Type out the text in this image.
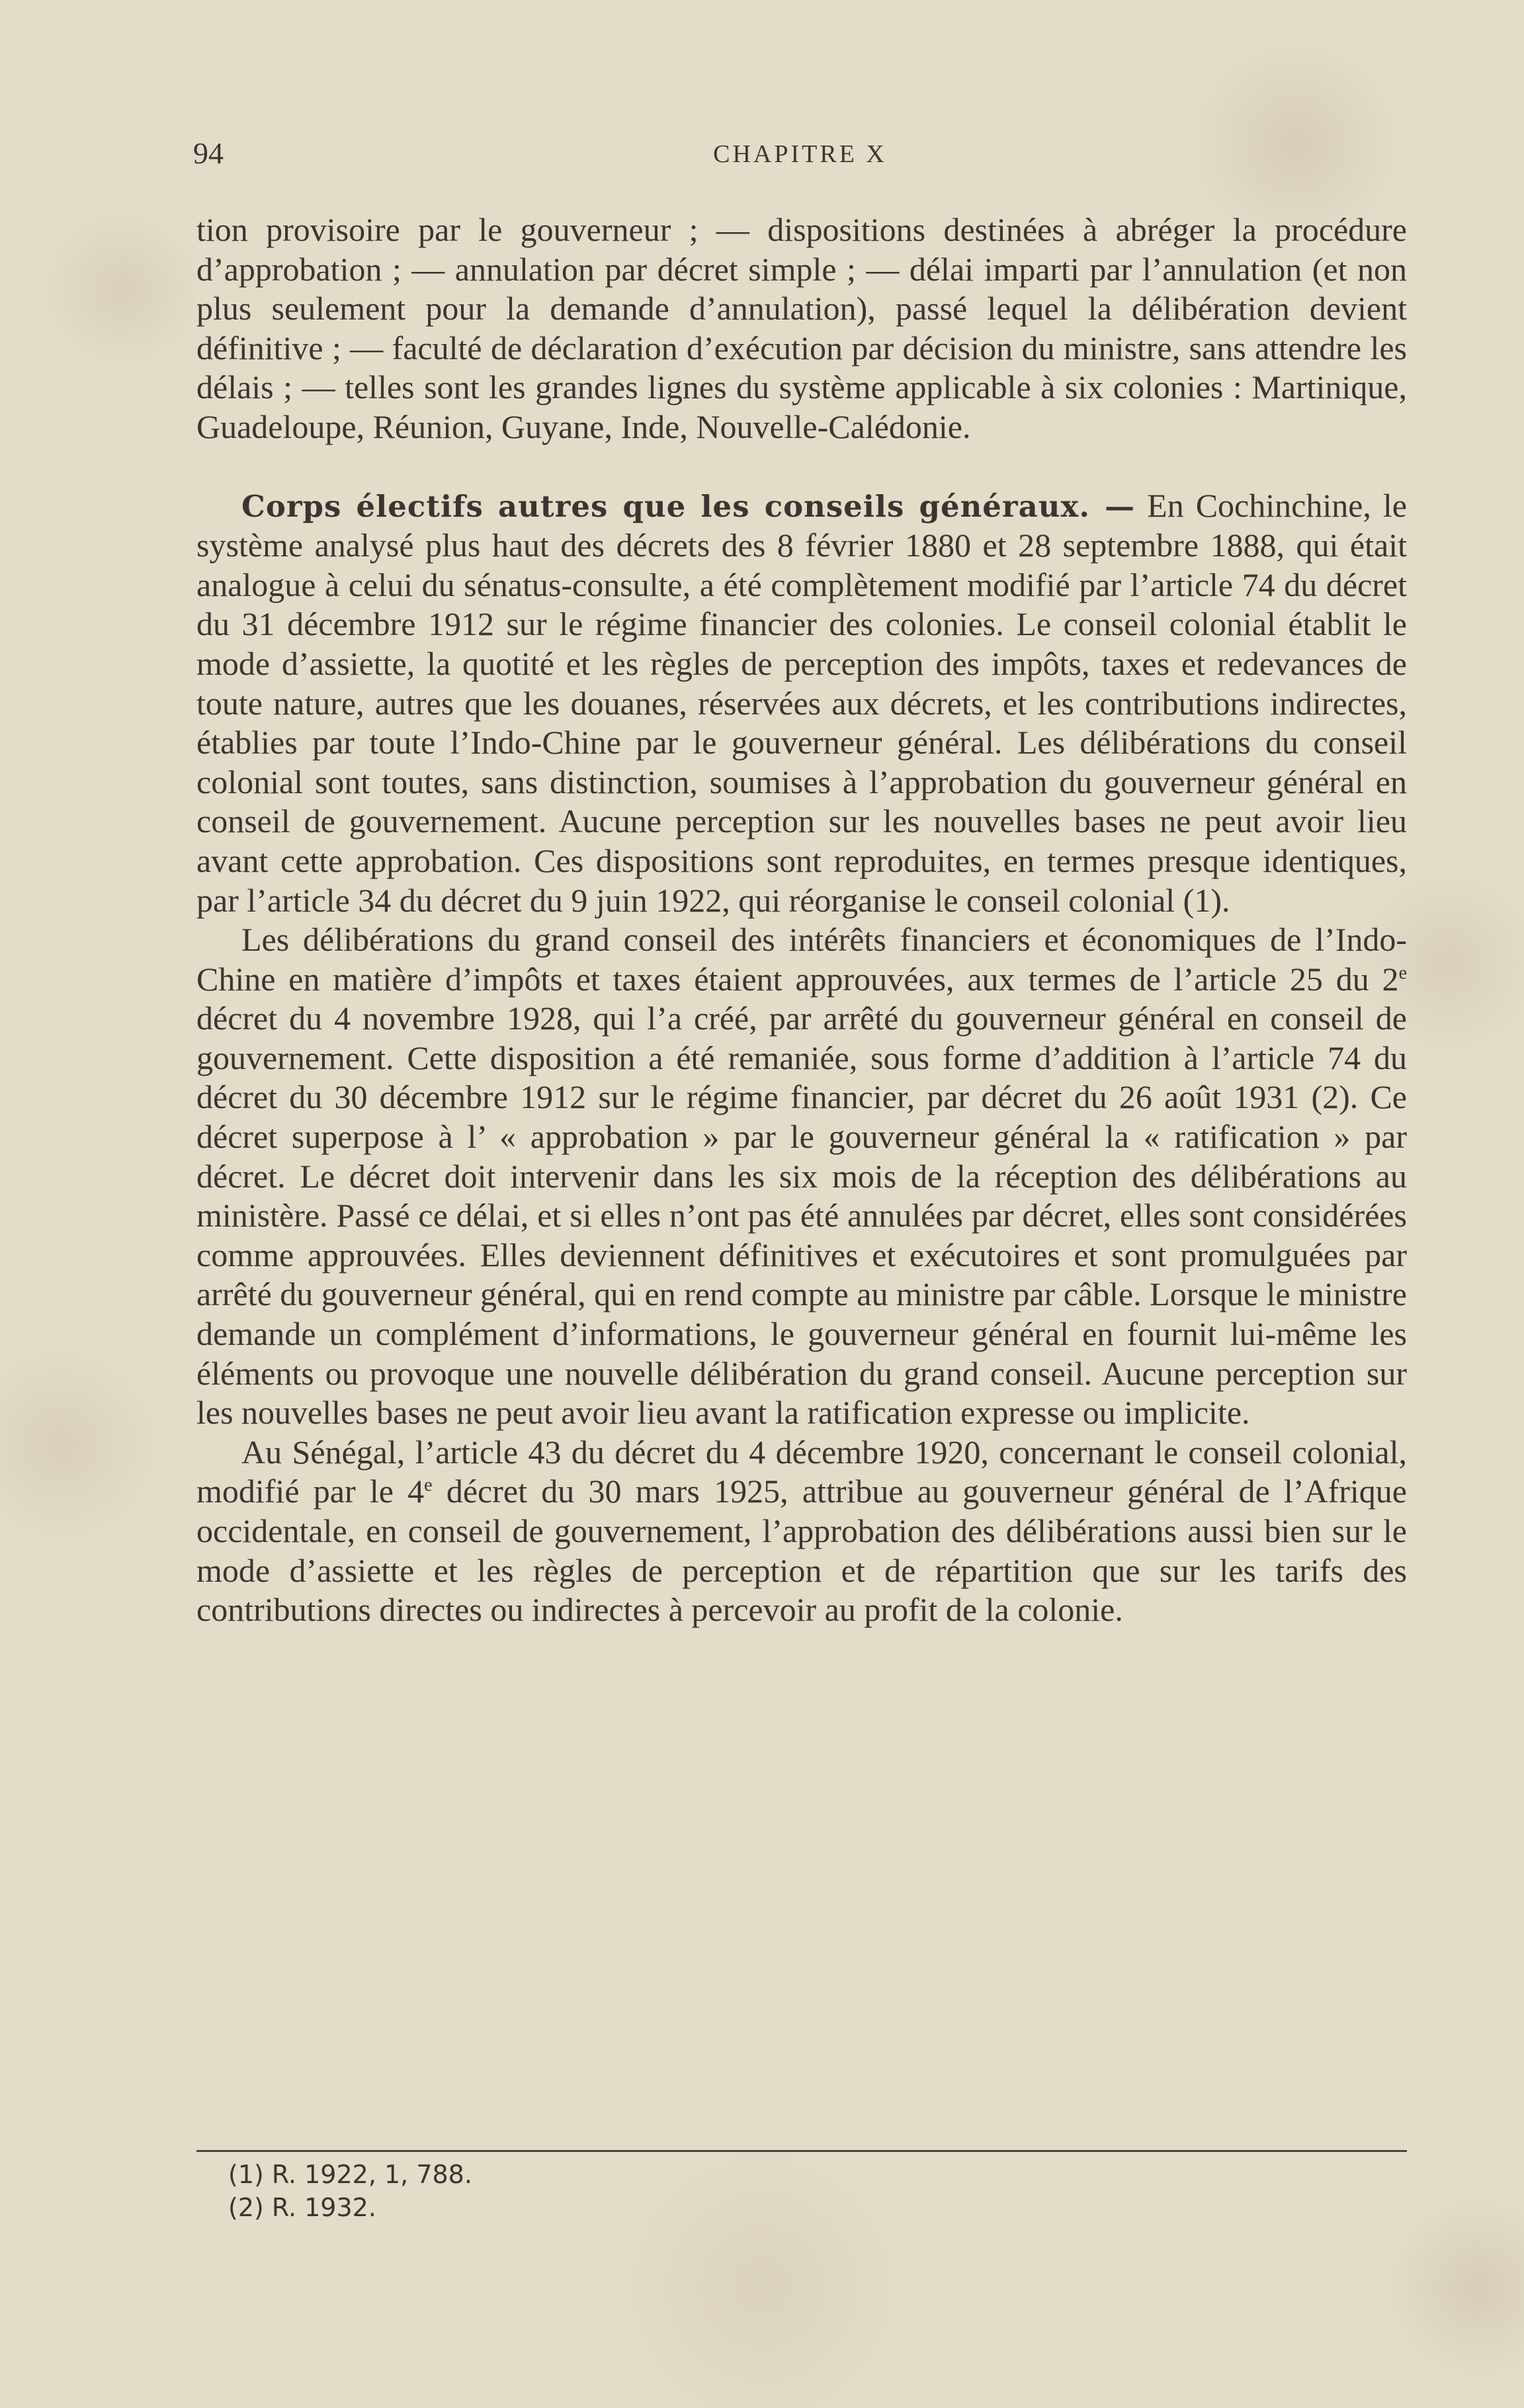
94	CHAPITRE X

tion provisoire par le gouverneur ; — dispositions destinées à abréger la procédure d’approbation ; — annulation par décret simple ; — délai imparti par l’annulation (et non plus seulement pour la demande d’annulation), passé lequel la délibération devient définitive ; — faculté de déclaration d’exécution par décision du ministre, sans attendre les délais ; — telles sont les grandes lignes du système applicable à six colonies : Martinique, Guadeloupe, Réunion, Guyane, Inde, Nouvelle-Calédonie.

Corps électifs autres que les conseils généraux. — En Cochinchine, le système analysé plus haut des décrets des 8 février 1880 et 28 septembre 1888, qui était analogue à celui du sénatus-consulte, a été complètement modifié par l’article 74 du décret du 31 décembre 1912 sur le régime financier des colonies. Le conseil colonial établit le mode d’assiette, la quotité et les règles de perception des impôts, taxes et redevances de toute nature, autres que les douanes, réservées aux décrets, et les contributions indirectes, établies par toute l’Indo-Chine par le gouverneur général. Les délibérations du conseil colonial sont toutes, sans distinction, soumises à l’approbation du gouverneur général en conseil de gouvernement. Aucune perception sur les nouvelles bases ne peut avoir lieu avant cette approbation. Ces dispositions sont reproduites, en termes presque identiques, par l’article 34 du décret du 9 juin 1922, qui réorganise le conseil colonial (1).

Les délibérations du grand conseil des intérêts financiers et économiques de l’Indo-Chine en matière d’impôts et taxes étaient approuvées, aux termes de l’article 25 du 2e décret du 4 novembre 1928, qui l’a créé, par arrêté du gouverneur général en conseil de gouvernement. Cette disposition a été remaniée, sous forme d’addition à l’article 74 du décret du 30 décembre 1912 sur le régime financier, par décret du 26 août 1931 (2). Ce décret superpose à l’ « approbation » par le gouverneur général la « ratification » par décret. Le décret doit intervenir dans les six mois de la réception des délibérations au ministère. Passé ce délai, et si elles n’ont pas été annulées par décret, elles sont considérées comme approuvées. Elles deviennent définitives et exécutoires et sont promulguées par arrêté du gouverneur général, qui en rend compte au ministre par câble. Lorsque le ministre demande un complément d’informations, le gouverneur général en fournit lui-même les éléments ou provoque une nouvelle délibération du grand conseil. Aucune perception sur les nouvelles bases ne peut avoir lieu avant la ratification expresse ou implicite.

Au Sénégal, l’article 43 du décret du 4 décembre 1920, concernant le conseil colonial, modifié par le 4e décret du 30 mars 1925, attribue au gouverneur général de l’Afrique occidentale, en conseil de gouvernement, l’approbation des délibérations aussi bien sur le mode d’assiette et les règles de perception et de répartition que sur les tarifs des contributions directes ou indirectes à percevoir au profit de la colonie.

(1) R. 1922, 1, 788.
(2) R. 1932.
